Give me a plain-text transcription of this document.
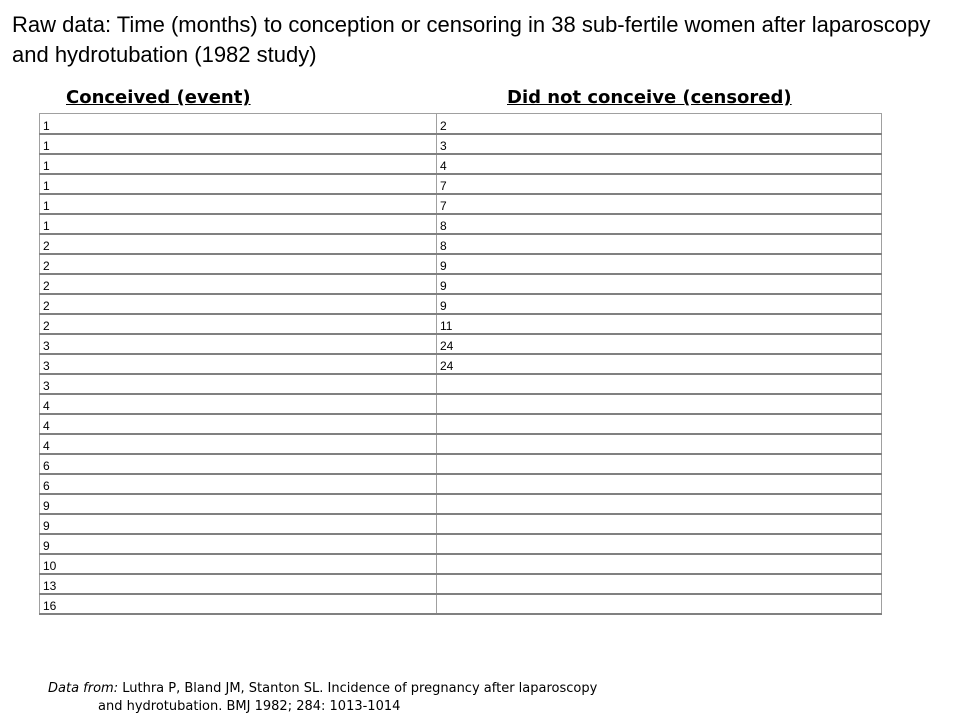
Raw data: Time (months) to conception or censoring in 38 sub-fertile women after laparoscopy and hydrotubation (1982 study)
Conceived (event)	Did not conceive (censored)
1	2
1	3
1	4
1	7
1	7
1	8
2	8
2	9
2	9
2	9
2	11
3	24
3	24
3	
4	
4	
4	
6	
6	
9	
9	
9	
10	
13	
16	
Data from: Luthra P, Bland JM, Stanton SL. Incidence of pregnancy after laparoscopy
and hydrotubation. BMJ 1982; 284: 1013-1014
